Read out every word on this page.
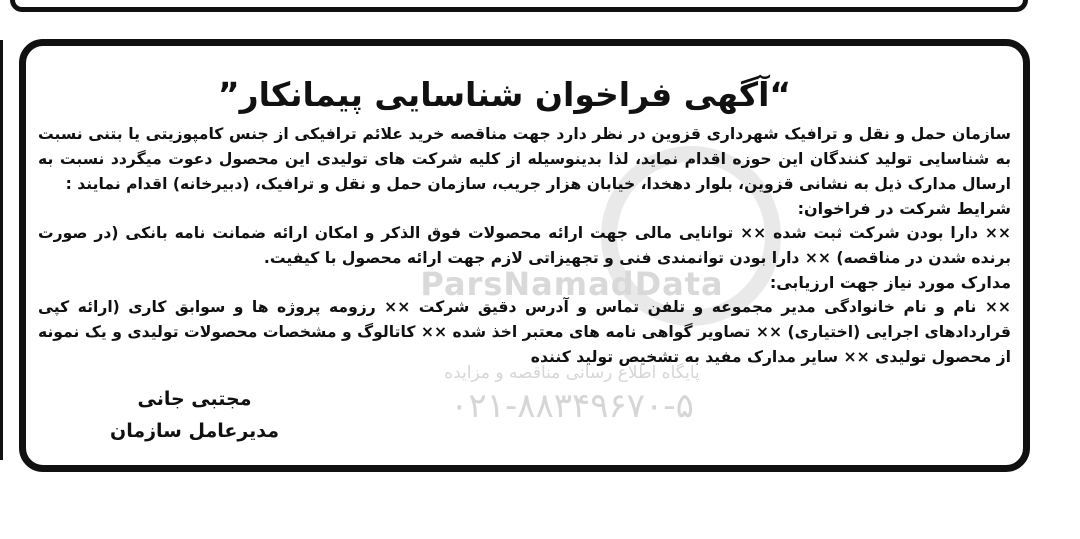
ParsNamadData
پایگاه اطلاع رسانی مناقصه و مزایده
۰۲۱-۸۸۳۴۹۶۷۰-۵
“آگهی فراخوان شناسایی پیمانکار”

سازمان حمل و نقل و ترافیک شهرداری قزوین در نظر دارد جهت مناقصه خرید علائم ترافیکی از جنس کامپوزیتی یا بتنی نسبت به شناسایی تولید کنندگان این حوزه اقدام نماید، لذا بدینوسیله از کلیه شرکت های تولیدی این محصول دعوت میگردد نسبت به ارسال مدارک ذیل به نشانی قزوین، بلوار دهخدا، خیابان هزار جریب، سازمان حمل و نقل و ترافیک، (دبیرخانه) اقدام نمایند :

شرایط شرکت در فراخوان:

×× دارا بودن شرکت ثبت شده ×× توانایی مالی جهت ارائه محصولات فوق الذکر و امکان ارائه ضمانت نامه بانکی (در صورت برنده شدن در مناقصه) ×× دارا بودن توانمندی فنی و تجهیزاتی لازم جهت ارائه محصول با کیفیت.

مدارک مورد نیاز جهت ارزیابی:

×× نام و نام خانوادگی مدیر مجموعه و تلفن تماس و آدرس دقیق شرکت ×× رزومه پروژه ها و سوابق کاری (ارائه کپی قراردادهای اجرایی (اختیاری) ×× تصاویر گواهی نامه های معتبر اخذ شده ×× کاتالوگ و مشخصات محصولات تولیدی و یک نمونه از محصول تولیدی ×× سایر مدارک مفید به تشخیص تولید کننده

مجتبی جانی
مدیرعامل سازمان
